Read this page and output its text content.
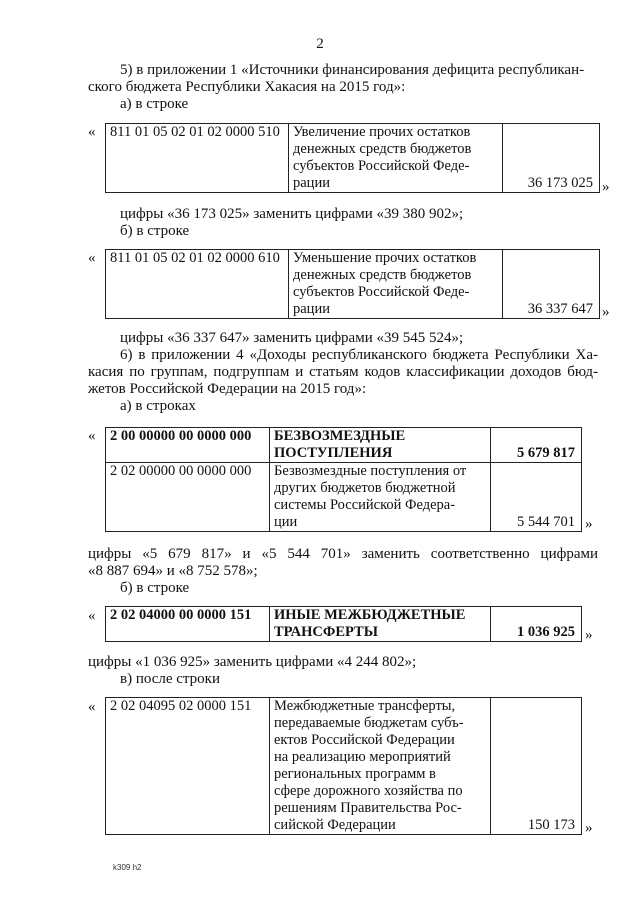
2
5) в приложении 1 «Источники финансирования дефицита республикан-
ского бюджета Республики Хакасия на 2015 год»:
а) в строке
« 811 01 05 02 01 02 0000 510	Увеличение прочих остатков
денежных средств бюджетов
субъектов Российской Феде-
рации	36 173 025 »
цифры «36 173 025» заменить цифрами «39 380 902»;
б) в строке
« 811 01 05 02 01 02 0000 610	Уменьшение прочих остатков
денежных средств бюджетов
субъектов Российской Феде-
рации	36 337 647 »
цифры «36 337 647» заменить цифрами «39 545 524»;
6) в приложении 4 «Доходы республиканского бюджета Республики Ха-
касия по группам, подгруппам и статьям кодов классификации доходов бюд-
жетов Российской Федерации на 2015 год»:
а) в строках
« 2 00 00000 00 0000 000	БЕЗВОЗМЕЗДНЫЕ
ПОСТУПЛЕНИЯ	5 679 817
2 02 00000 00 0000 000	Безвозмездные поступления от
других бюджетов бюджетной
системы Российской Федера-
ции	5 544 701 »
цифры «5 679 817» и «5 544 701» заменить соответственно цифрами
«8 887 694» и «8 752 578»;
б) в строке
« 2 02 04000 00 0000 151	ИНЫЕ МЕЖБЮДЖЕТНЫЕ
ТРАНСФЕРТЫ	1 036 925 »
цифры «1 036 925» заменить цифрами «4 244 802»;
в) после строки
« 2 02 04095 02 0000 151	Межбюджетные трансферты,
передаваемые бюджетам субъ-
ектов Российской Федерации
на реализацию мероприятий
региональных программ в
сфере дорожного хозяйства по
решениям Правительства Рос-
сийской Федерации	150 173 »
k309 h2
